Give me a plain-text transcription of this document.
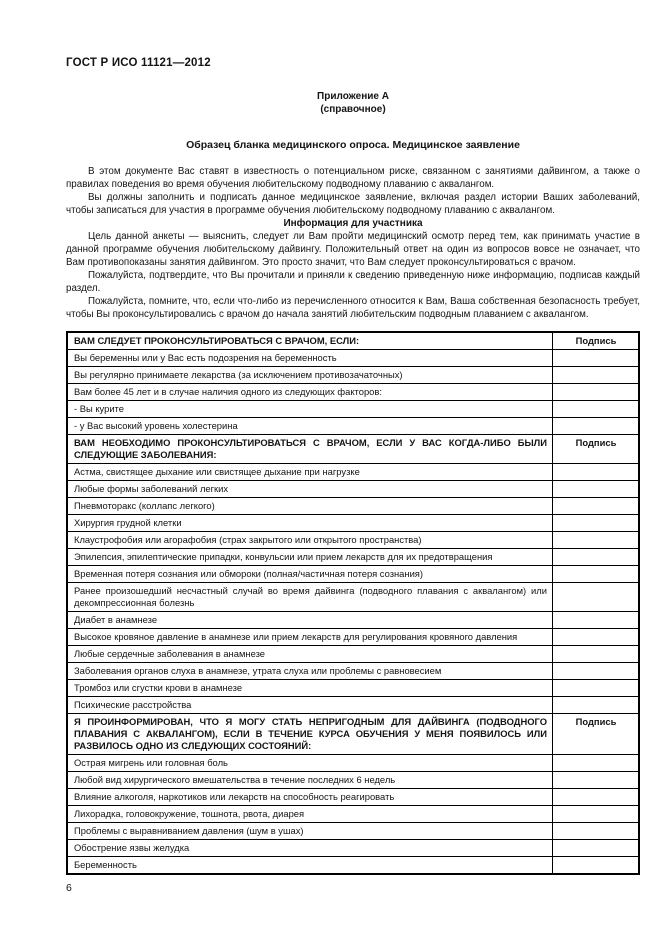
ГОСТ Р ИСО 11121—2012
Приложение А
(справочное)
Образец бланка медицинского опроса. Медицинское заявление

В этом документе Вас ставят в известность о потенциальном риске, связанном с занятиями дайвингом, а также о правилах поведения во время обучения любительскому подводному плаванию с аквалангом.

Вы должны заполнить и подписать данное медицинское заявление, включая раздел истории Ваших заболеваний, чтобы записаться для участия в программе обучения любительскому подводному плаванию с аквалангом.

Информация для участника

Цель данной анкеты — выяснить, следует ли Вам пройти медицинский осмотр перед тем, как принимать участие в данной программе обучения любительскому дайвингу. Положительный ответ на один из вопросов вовсе не означает, что Вам противопоказаны занятия дайвингом. Это просто значит, что Вам следует проконсультироваться с врачом.

Пожалуйста, подтвердите, что Вы прочитали и приняли к сведению приведенную ниже информацию, подписав каждый раздел.

Пожалуйста, помните, что, если что-либо из перечисленного относится к Вам, Ваша собственная безопасность требует, чтобы Вы проконсультировались с врачом до начала занятий любительским подводным плаванием с аквалангом.

ВАМ СЛЕДУЕТ ПРОКОНСУЛЬТИРОВАТЬСЯ С ВРАЧОМ, ЕСЛИ:	Подпись
Вы беременны или у Вас есть подозрения на беременность	
Вы регулярно принимаете лекарства (за исключением противозачаточных)	
Вам более 45 лет и в случае наличия одного из следующих факторов:	
- Вы курите	
- у Вас высокий уровень холестерина	
ВАМ НЕОБХОДИМО ПРОКОНСУЛЬТИРОВАТЬСЯ С ВРАЧОМ, ЕСЛИ У ВАС КОГДА-ЛИБО БЫЛИ СЛЕДУЮЩИЕ ЗАБОЛЕВАНИЯ:	Подпись
Астма, свистящее дыхание или свистящее дыхание при нагрузке	
Любые формы заболеваний легких	
Пневмоторакс (коллапс легкого)	
Хирургия грудной клетки	
Клаустрофобия или агорафобия (страх закрытого или открытого пространства)	
Эпилепсия, эпилептические припадки, конвульсии или прием лекарств для их предотвращения	
Временная потеря сознания или обмороки (полная/частичная потеря сознания)	
Ранее произошедший несчастный случай во время дайвинга (подводного плавания с аквалангом) или декомпрессионная болезнь	
Диабет в анамнезе	
Высокое кровяное давление в анамнезе или прием лекарств для регулирования кровяного давления	
Любые сердечные заболевания в анамнезе	
Заболевания органов слуха в анамнезе, утрата слуха или проблемы с равновесием	
Тромбоз или сгустки крови в анамнезе	
Психические расстройства	
Я ПРОИНФОРМИРОВАН, ЧТО Я МОГУ СТАТЬ НЕПРИГОДНЫМ ДЛЯ ДАЙВИНГА (ПОДВОДНОГО ПЛАВАНИЯ С АКВАЛАНГОМ), ЕСЛИ В ТЕЧЕНИЕ КУРСА ОБУЧЕНИЯ У МЕНЯ ПОЯВИЛОСЬ ИЛИ РАЗВИЛОСЬ ОДНО ИЗ СЛЕДУЮЩИХ СОСТОЯНИЙ:	Подпись
Острая мигрень или головная боль	
Любой вид хирургического вмешательства в течение последних 6 недель	
Влияние алкоголя, наркотиков или лекарств на способность реагировать	
Лихорадка, головокружение, тошнота, рвота, диарея	
Проблемы с выравниванием давления (шум в ушах)	
Обострение язвы желудка	
Беременность	
6
